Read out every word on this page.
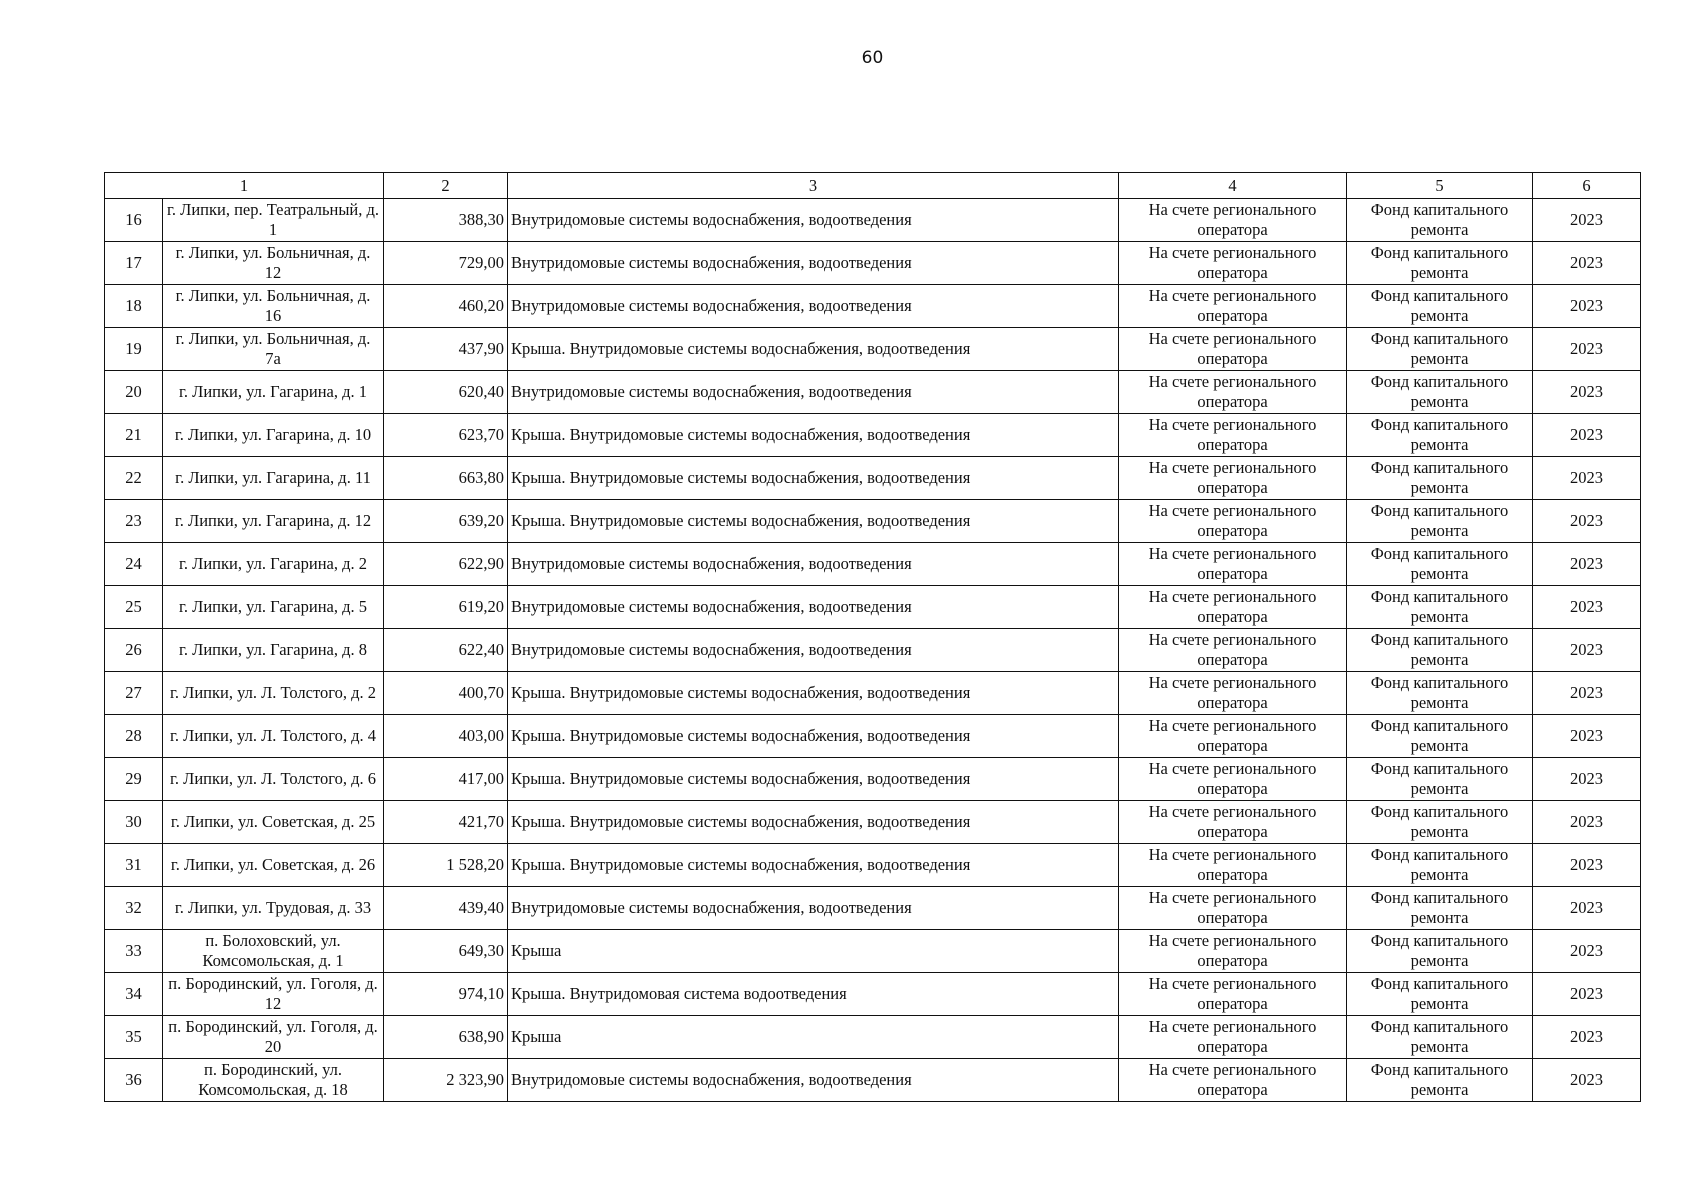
60
1		2	3	4	5	6
16	г. Липки, пер. Театральный, д. 1	388,30	Внутридомовые системы водоснабжения, водоотведения	На счете регионального оператора	Фонд капитального ремонта	2023
17	г. Липки, ул. Больничная, д. 12	729,00	Внутридомовые системы водоснабжения, водоотведения	На счете регионального оператора	Фонд капитального ремонта	2023
18	г. Липки, ул. Больничная, д. 16	460,20	Внутридомовые системы водоснабжения, водоотведения	На счете регионального оператора	Фонд капитального ремонта	2023
19	г. Липки, ул. Больничная, д. 7а	437,90	Крыша. Внутридомовые системы водоснабжения, водоотведения	На счете регионального оператора	Фонд капитального ремонта	2023
20	г. Липки, ул. Гагарина, д. 1	620,40	Внутридомовые системы водоснабжения, водоотведения	На счете регионального оператора	Фонд капитального ремонта	2023
21	г. Липки, ул. Гагарина, д. 10	623,70	Крыша. Внутридомовые системы водоснабжения, водоотведения	На счете регионального оператора	Фонд капитального ремонта	2023
22	г. Липки, ул. Гагарина, д. 11	663,80	Крыша. Внутридомовые системы водоснабжения, водоотведения	На счете регионального оператора	Фонд капитального ремонта	2023
23	г. Липки, ул. Гагарина, д. 12	639,20	Крыша. Внутридомовые системы водоснабжения, водоотведения	На счете регионального оператора	Фонд капитального ремонта	2023
24	г. Липки, ул. Гагарина, д. 2	622,90	Внутридомовые системы водоснабжения, водоотведения	На счете регионального оператора	Фонд капитального ремонта	2023
25	г. Липки, ул. Гагарина, д. 5	619,20	Внутридомовые системы водоснабжения, водоотведения	На счете регионального оператора	Фонд капитального ремонта	2023
26	г. Липки, ул. Гагарина, д. 8	622,40	Внутридомовые системы водоснабжения, водоотведения	На счете регионального оператора	Фонд капитального ремонта	2023
27	г. Липки, ул. Л. Толстого, д. 2	400,70	Крыша. Внутридомовые системы водоснабжения, водоотведения	На счете регионального оператора	Фонд капитального ремонта	2023
28	г. Липки, ул. Л. Толстого, д. 4	403,00	Крыша. Внутридомовые системы водоснабжения, водоотведения	На счете регионального оператора	Фонд капитального ремонта	2023
29	г. Липки, ул. Л. Толстого, д. 6	417,00	Крыша. Внутридомовые системы водоснабжения, водоотведения	На счете регионального оператора	Фонд капитального ремонта	2023
30	г. Липки, ул. Советская, д. 25	421,70	Крыша. Внутридомовые системы водоснабжения, водоотведения	На счете регионального оператора	Фонд капитального ремонта	2023
31	г. Липки, ул. Советская, д. 26	1 528,20	Крыша. Внутридомовые системы водоснабжения, водоотведения	На счете регионального оператора	Фонд капитального ремонта	2023
32	г. Липки, ул. Трудовая, д. 33	439,40	Внутридомовые системы водоснабжения, водоотведения	На счете регионального оператора	Фонд капитального ремонта	2023
33	п. Болоховский, ул. Комсомольская, д. 1	649,30	Крыша	На счете регионального оператора	Фонд капитального ремонта	2023
34	п. Бородинский, ул. Гоголя, д. 12	974,10	Крыша. Внутридомовая система водоотведения	На счете регионального оператора	Фонд капитального ремонта	2023
35	п. Бородинский, ул. Гоголя, д. 20	638,90	Крыша	На счете регионального оператора	Фонд капитального ремонта	2023
36	п. Бородинский, ул. Комсомольская, д. 18	2 323,90	Внутридомовые системы водоснабжения, водоотведения	На счете регионального оператора	Фонд капитального ремонта	2023
